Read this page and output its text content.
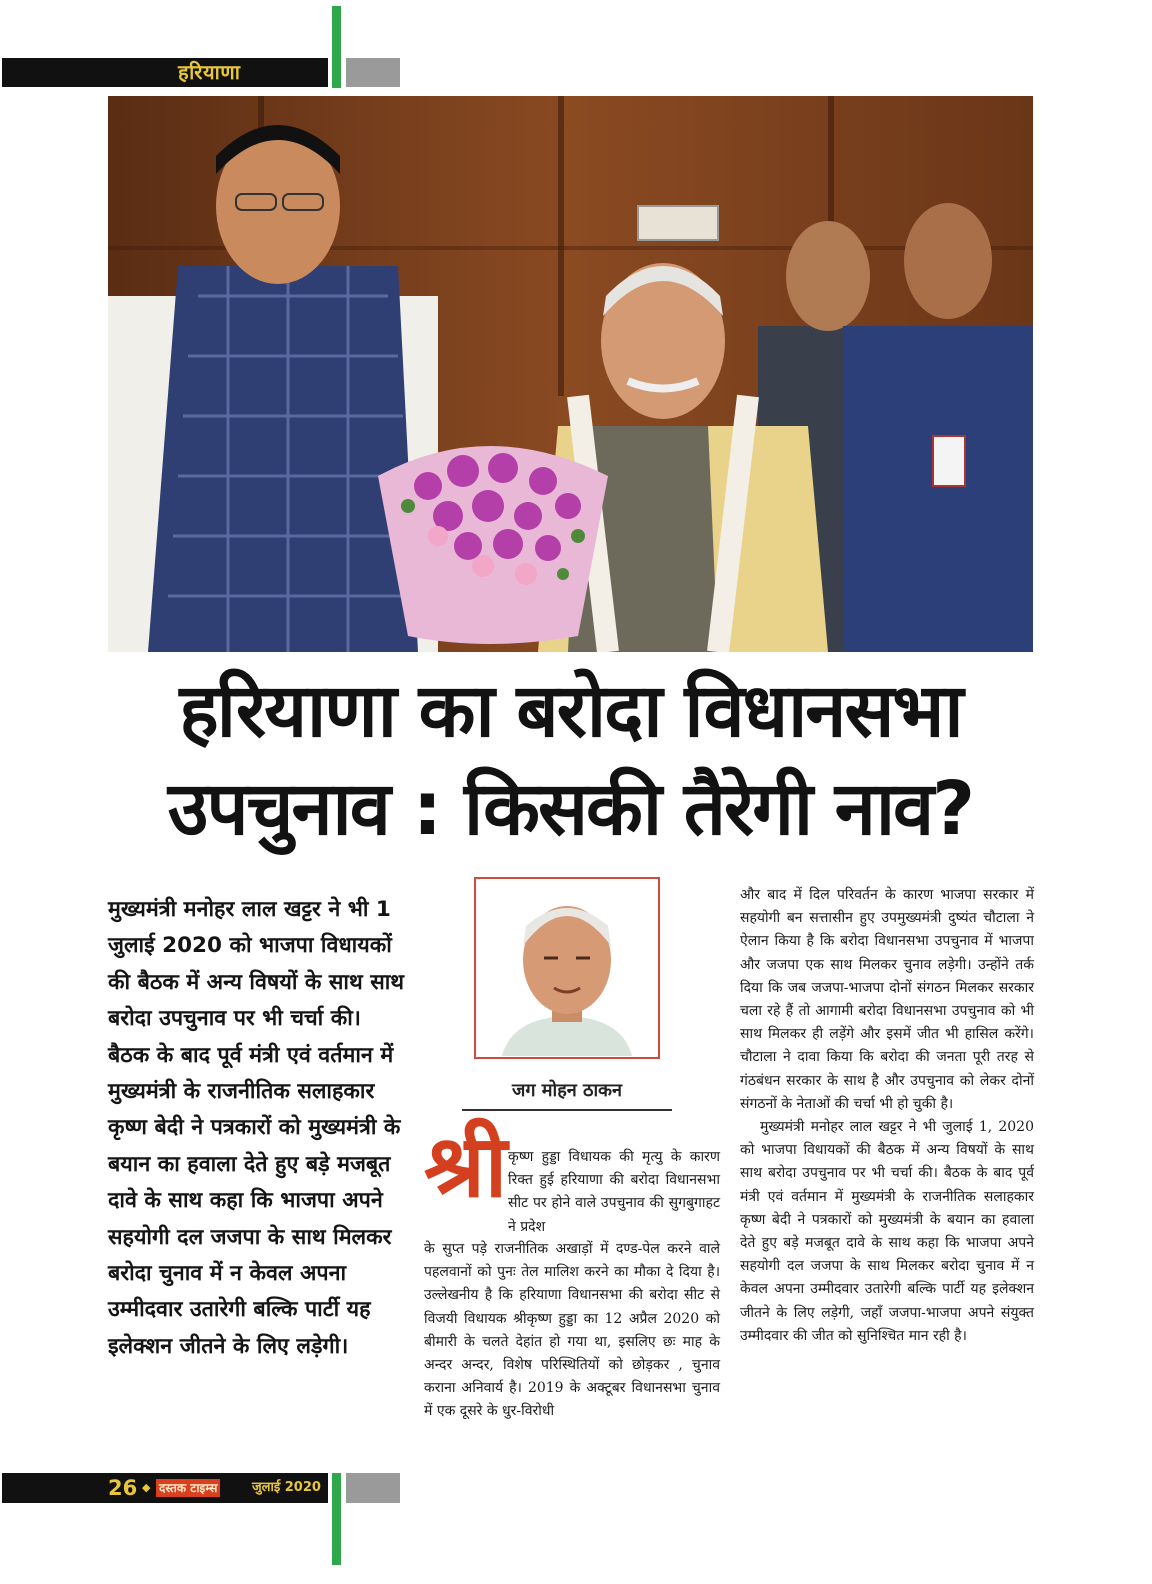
हरियाणा
हरियाणा का बरोदा विधानसभा
उपचुनाव : किसकी तैरेगी नाव?
मुख्यमंत्री मनोहर लाल खट्टर ने भी 1 जुलाई 2020 को भाजपा विधायकों की बैठक में अन्य विषयों के साथ साथ बरोदा उपचुनाव पर भी चर्चा की। बैठक के बाद पूर्व मंत्री एवं वर्तमान में मुख्यमंत्री के राजनीतिक सलाहकार कृष्ण बेदी ने पत्रकारों को मुख्यमंत्री के बयान का हवाला देते हुए बड़े मजबूत दावे के साथ कहा कि भाजपा अपने सहयोगी दल जजपा के साथ मिलकर बरोदा चुनाव में न केवल अपना उम्मीदवार उतारेगी बल्कि पार्टी यह इलेक्शन जीतने के लिए लड़ेगी।
जग मोहन ठाकन
श्री कृष्ण हुड्डा विधायक की मृत्यु के कारण रिक्त हुई हरियाणा की बरोदा विधानसभा सीट पर होने वाले उपचुनाव की सुगबुगाहट ने प्रदेश
के सुप्त पड़े राजनीतिक अखाड़ों में दण्ड-पेल करने वाले पहलवानों को पुनः तेल मालिश करने का मौका दे दिया है। उल्लेखनीय है कि हरियाणा विधानसभा की बरोदा सीट से विजयी विधायक श्रीकृष्ण हुड्डा का 12 अप्रैल 2020 को बीमारी के चलते देहांत हो गया था, इसलिए छः माह के अन्दर अन्दर, विशेष परिस्थितियों को छोड़कर , चुनाव कराना अनिवार्य है। 2019 के अक्टूबर विधानसभा चुनाव में एक दूसरे के धुर-विरोधी

और बाद में दिल परिवर्तन के कारण भाजपा सरकार में सहयोगी बन सत्तासीन हुए उपमुख्यमंत्री दुष्यंत चौटाला ने ऐलान किया है कि बरोदा विधानसभा उपचुनाव में भाजपा और जजपा एक साथ मिलकर चुनाव लड़ेगी। उन्होंने तर्क दिया कि जब जजपा-भाजपा दोनों संगठन मिलकर सरकार चला रहे हैं तो आगामी बरोदा विधानसभा उपचुनाव को भी साथ मिलकर ही लड़ेंगे और इसमें जीत भी हासिल करेंगे। चौटाला ने दावा किया कि बरोदा की जनता पूरी तरह से गंठबंधन सरकार के साथ है और उपचुनाव को लेकर दोनों संगठनों के नेताओं की चर्चा भी हो चुकी है।

मुख्यमंत्री मनोहर लाल खट्टर ने भी जुलाई 1, 2020 को भाजपा विधायकों की बैठक में अन्य विषयों के साथ साथ बरोदा उपचुनाव पर भी चर्चा की। बैठक के बाद पूर्व मंत्री एवं वर्तमान में मुख्यमंत्री के राजनीतिक सलाहकार कृष्ण बेदी ने पत्रकारों को मुख्यमंत्री के बयान का हवाला देते हुए बड़े मजबूत दावे के साथ कहा कि भाजपा अपने सहयोगी दल जजपा के साथ मिलकर बरोदा चुनाव में न केवल अपना उम्मीदवार उतारेगी बल्कि पार्टी यह इलेक्शन जीतने के लिए लड़ेगी, जहाँ जजपा-भाजपा अपने संयुक्त उम्मीदवार की जीत को सुनिश्चित मान रही है।

26 ◆ दस्तक टाइम्स	जुलाई 2020
